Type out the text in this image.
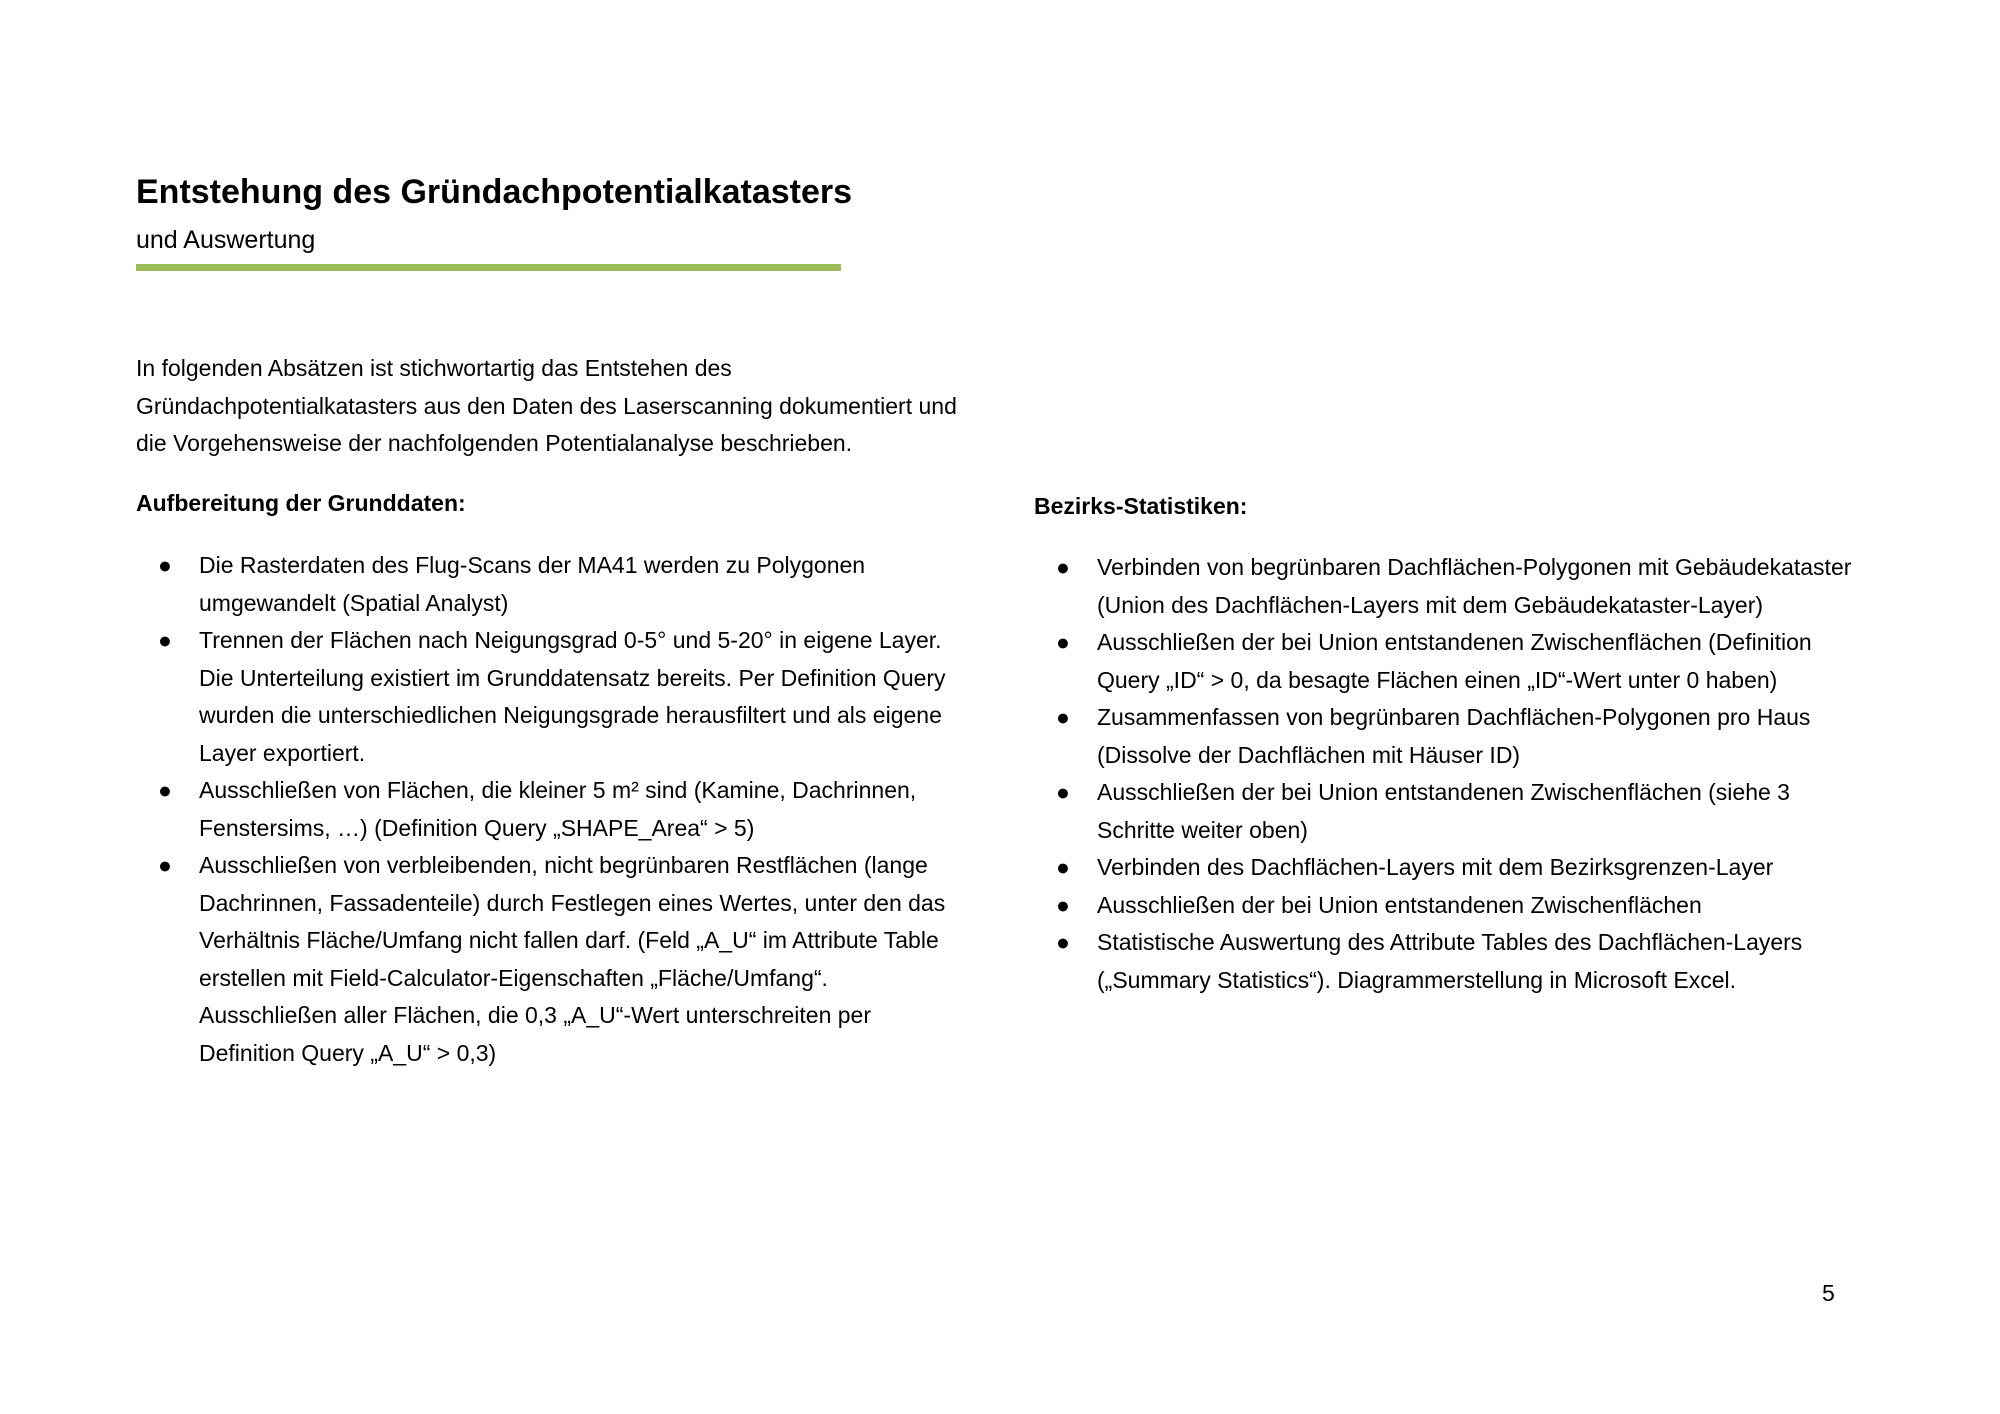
Entstehung des Gründachpotentialkatasters

und Auswertung

In folgenden Absätzen ist stichwortartig das Entstehen des Gründachpotentialkatasters aus den Daten des Laserscanning dokumentiert und die Vorgehensweise der nachfolgenden Potentialanalyse beschrieben.

Aufbereitung der Grunddaten:
● Die Rasterdaten des Flug-Scans der MA41 werden zu Polygonen umgewandelt (Spatial Analyst)
● Trennen der Flächen nach Neigungsgrad 0-5° und 5-20° in eigene Layer. Die Unterteilung existiert im Grunddatensatz bereits. Per Definition Query wurden die unterschiedlichen Neigungsgrade herausfiltert und als eigene Layer exportiert.
● Ausschließen von Flächen, die kleiner 5 m² sind (Kamine, Dachrinnen, Fenstersims, …) (Definition Query „SHAPE_Area“ > 5)
● Ausschließen von verbleibenden, nicht begrünbaren Restflächen (lange Dachrinnen, Fassadenteile) durch Festlegen eines Wertes, unter den das Verhältnis Fläche/Umfang nicht fallen darf. (Feld „A_U“ im Attribute Table erstellen mit Field-Calculator-Eigenschaften „Fläche/Umfang“. Ausschließen aller Flächen, die 0,3 „A_U“-Wert unterschreiten per Definition Query „A_U“ > 0,3)
Bezirks-Statistiken:
● Verbinden von begrünbaren Dachflächen-Polygonen mit Gebäudekataster (Union des Dachflächen-Layers mit dem Gebäudekataster-Layer)
● Ausschließen der bei Union entstandenen Zwischenflächen (Definition Query „ID“ > 0, da besagte Flächen einen „ID“-Wert unter 0 haben)
● Zusammenfassen von begrünbaren Dachflächen-Polygonen pro Haus (Dissolve der Dachflächen mit Häuser ID)
● Ausschließen der bei Union entstandenen Zwischenflächen (siehe 3 Schritte weiter oben)
● Verbinden des Dachflächen-Layers mit dem Bezirksgrenzen-Layer
● Ausschließen der bei Union entstandenen Zwischenflächen
● Statistische Auswertung des Attribute Tables des Dachflächen-Layers („Summary Statistics“). Diagrammerstellung in Microsoft Excel.

5
